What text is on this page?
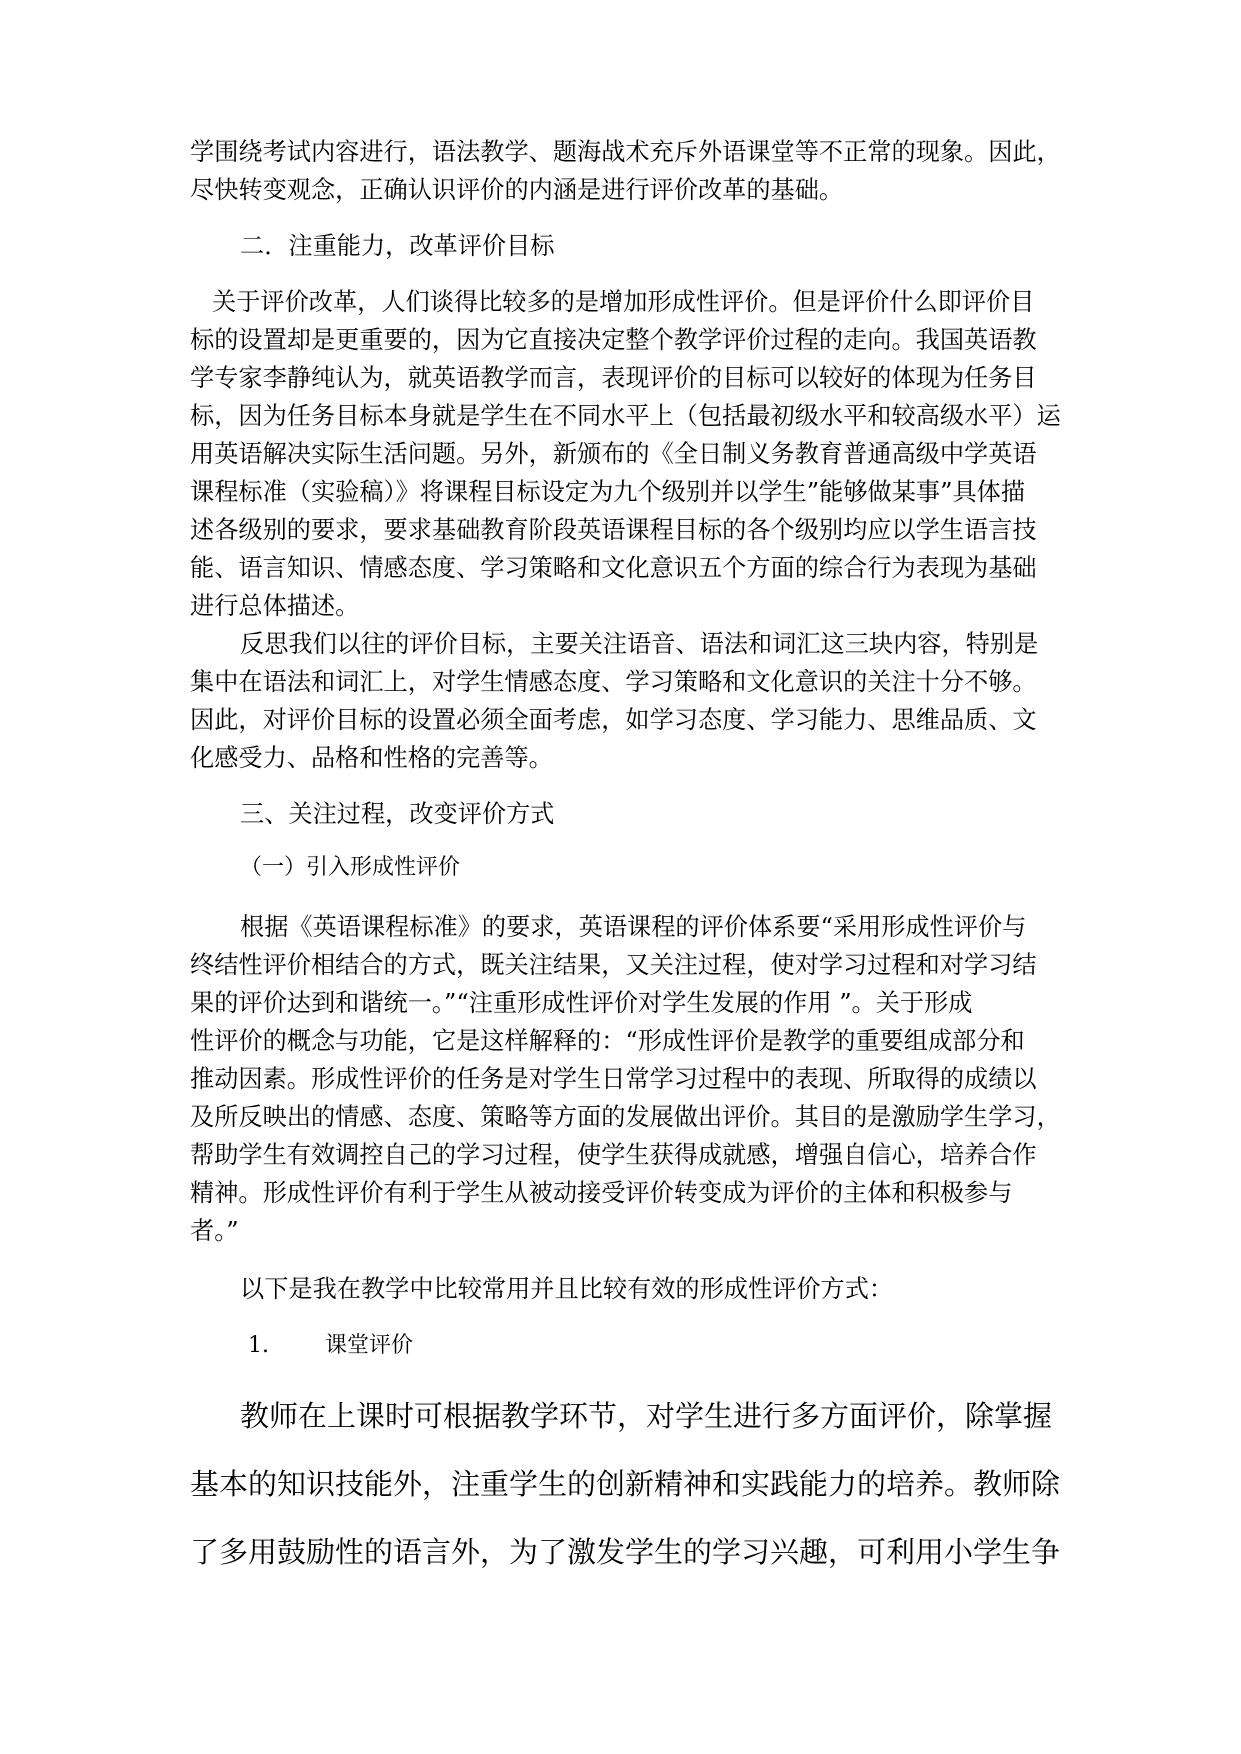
学围绕考试内容进行，语法教学、题海战术充斥外语课堂等不正常的现象。因此，
尽快转变观念，正确认识评价的内涵是进行评价改革的基础。
二．注重能力，改革评价目标
关于评价改革，人们谈得比较多的是增加形成性评价。但是评价什么即评价目
标的设置却是更重要的，因为它直接决定整个教学评价过程的走向。我国英语教
学专家李静纯认为，就英语教学而言，表现评价的目标可以较好的体现为任务目
标，因为任务目标本身就是学生在不同水平上（包括最初级水平和较高级水平）运
用英语解决实际生活问题。另外，新颁布的《全日制义务教育普通高级中学英语
课程标准（实验稿）》将课程目标设定为九个级别并以学生”能够做某事”具体描
述各级别的要求，要求基础教育阶段英语课程目标的各个级别均应以学生语言技
能、语言知识、情感态度、学习策略和文化意识五个方面的综合行为表现为基础
进行总体描述。
反思我们以往的评价目标，主要关注语音、语法和词汇这三块内容，特别是
集中在语法和词汇上，对学生情感态度、学习策略和文化意识的关注十分不够。
因此，对评价目标的设置必须全面考虑，如学习态度、学习能力、思维品质、文
化感受力、品格和性格的完善等。
三、关注过程，改变评价方式
（一）引入形成性评价
根据《英语课程标准》的要求，英语课程的评价体系要“采用形成性评价与
终结性评价相结合的方式，既关注结果，又关注过程，使对学习过程和对学习结
果的评价达到和谐统一。”“注重形成性评价对学生发展的作用 ”。关于形成
性评价的概念与功能，它是这样解释的：“形成性评价是教学的重要组成部分和
推动因素。形成性评价的任务是对学生日常学习过程中的表现、所取得的成绩以
及所反映出的情感、态度、策略等方面的发展做出评价。其目的是激励学生学习，
帮助学生有效调控自己的学习过程，使学生获得成就感，增强自信心，培养合作
精神。形成性评价有利于学生从被动接受评价转变成为评价的主体和积极参与
者。”
以下是我在教学中比较常用并且比较有效的形成性评价方式：
1.	课堂评价
教师在上课时可根据教学环节，对学生进行多方面评价，除掌握
基本的知识技能外，注重学生的创新精神和实践能力的培养。教师除
了多用鼓励性的语言外，为了激发学生的学习兴趣，可利用小学生争
